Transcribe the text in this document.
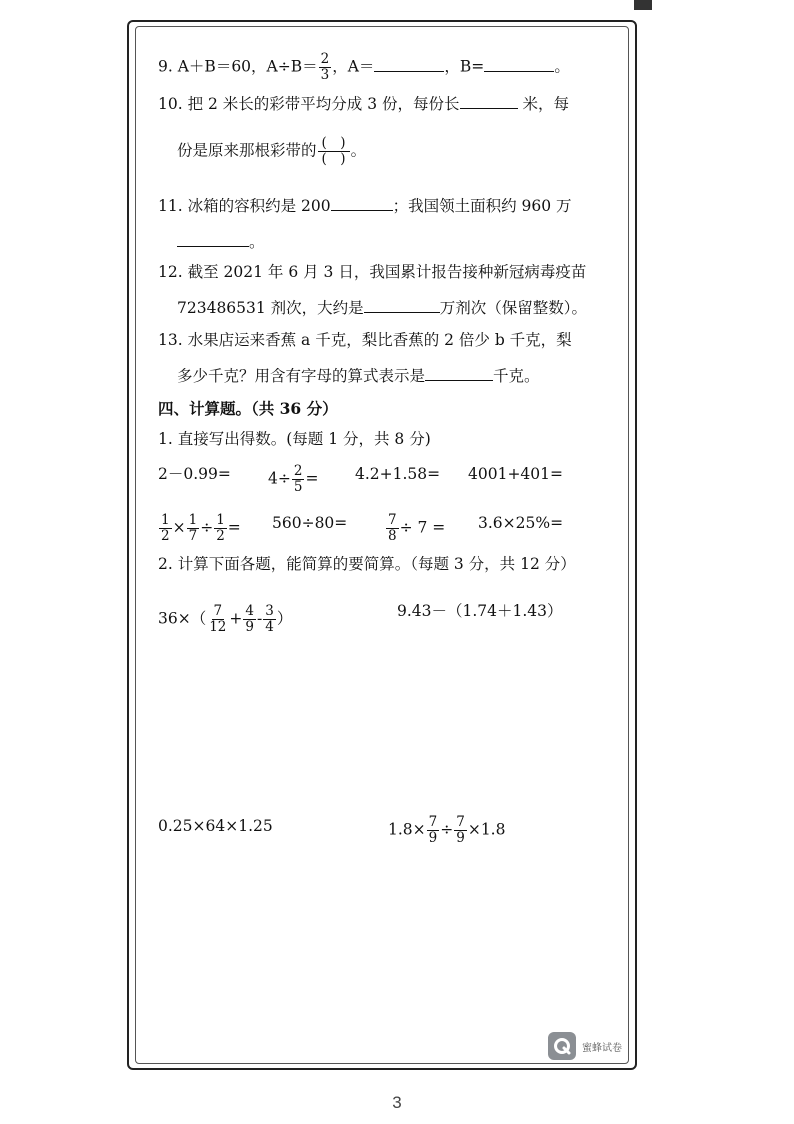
9. A＋B＝60，$A\div B= \frac{2}{3}$ ，A＝	，B=	。
10. 把 2 米长的彩带平均分成 3 份，每份长	米，每
份是原来那根彩带的 $\frac{( )}{( )}$ 。
11. 冰箱的容积约是 200	；我国领土面积约 960 万
。
12. 截至 2021 年 6 月 3 日，我国累计报告接种新冠病毒疫苗
723486531 剂次，大约是	万剂次（保留整数）。
13. 水果店运来香蕉 a 千克，梨比香蕉的 2 倍少 b 千克，梨
多少千克？用含有字母的算式表示是	千克。
四、计算题。（共 36 分）
1. 直接写出得数。(每题 1 分，共 8 分)
$2-0.99= 4\div \frac{2}{5} = 4.2+1.58= 4001+401=$
$\frac{1}{2} \times \frac{1}{7} \div \frac{1}{2} = 560\div 80=$	$\frac{7}{8} \div 7 = 3.6\times 25\%=$
2. 计算下面各题，能简算的要简算。（每题 3 分，共 12 分）
$36\times( \frac{7}{12} + \frac{4}{9} - \frac{3}{4}$ ）	9.43－（1.74＋1.43）
0.25×64×1.25	$1.8\times \frac{7}{9} \div \frac{7}{9} \times 1.8$
蜜蜂试卷
3
